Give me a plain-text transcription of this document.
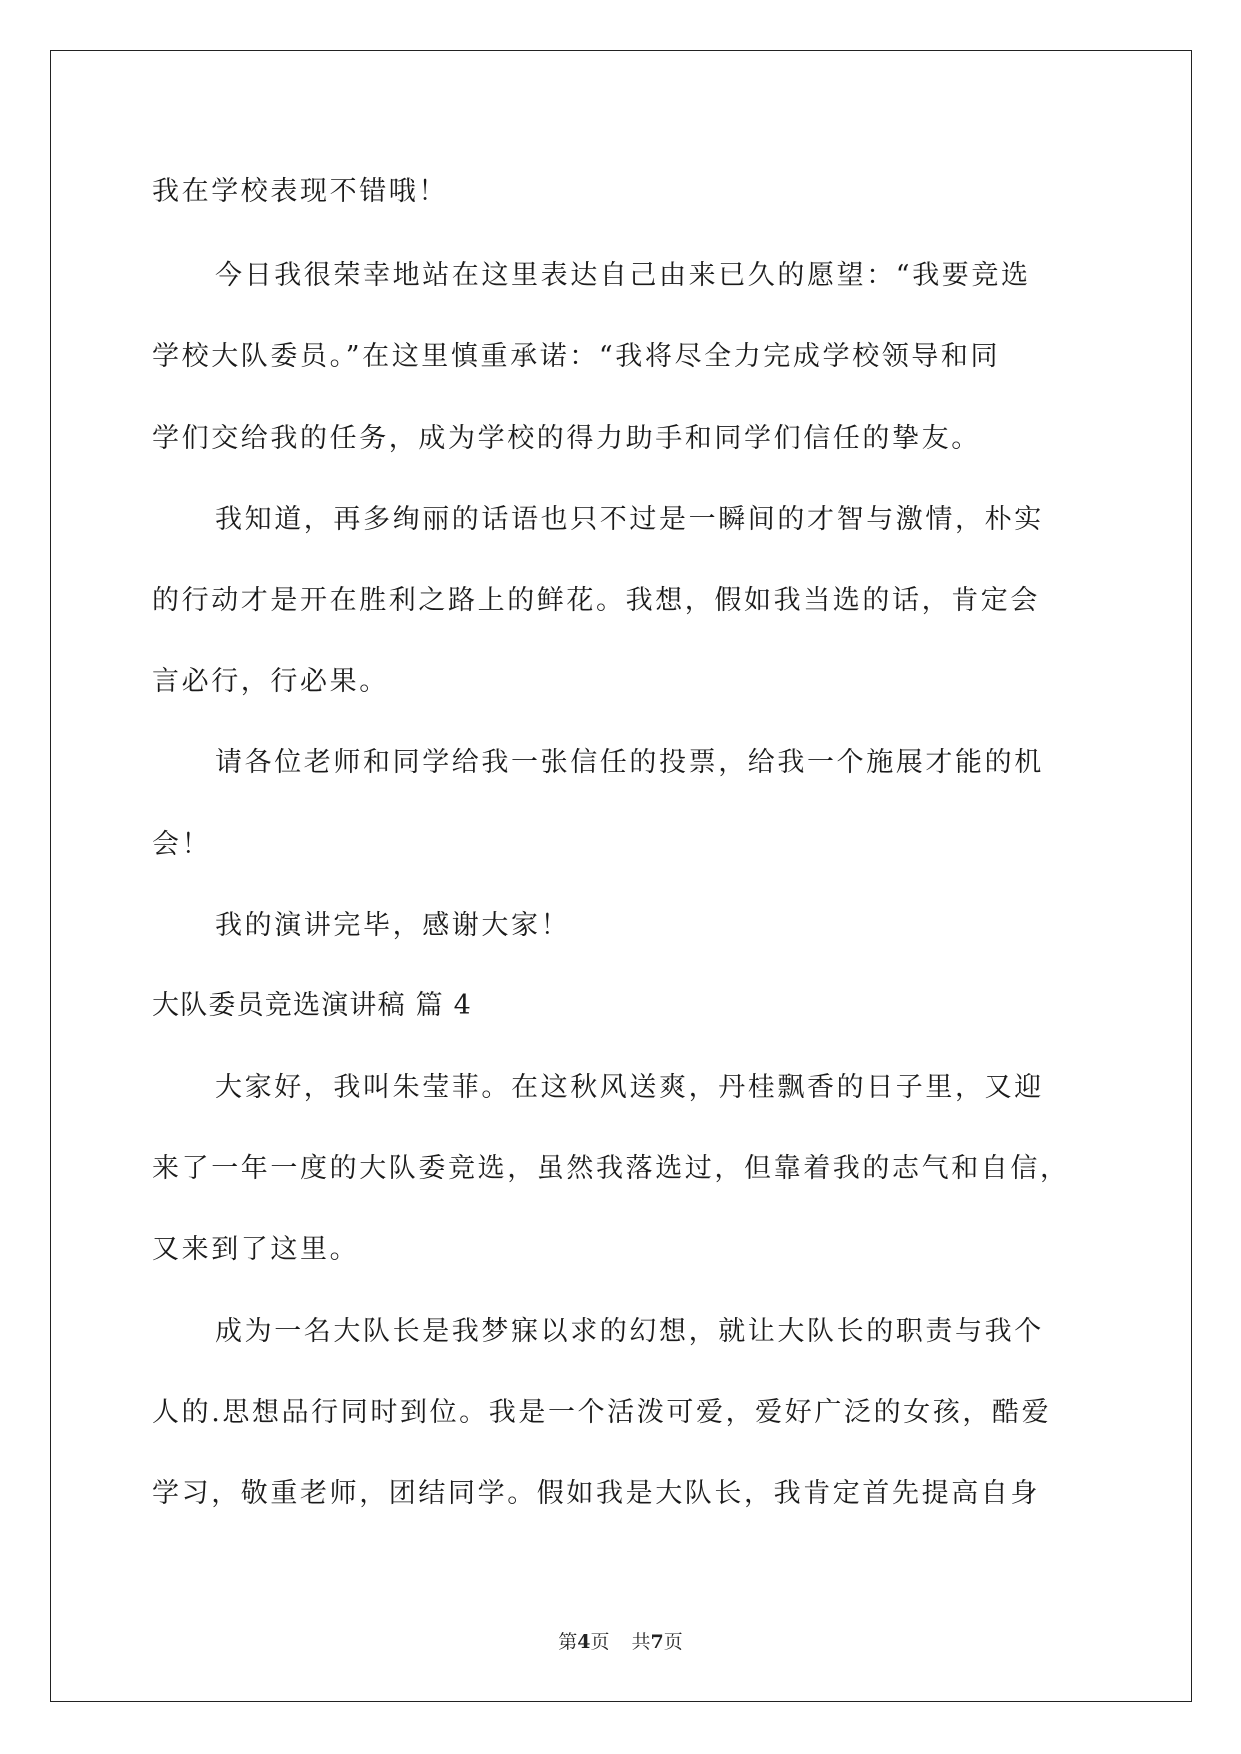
我在学校表现不错哦！
今日我很荣幸地站在这里表达自己由来已久的愿望：“我要竞选
学校大队委员。”在这里慎重承诺：“我将尽全力完成学校领导和同
学们交给我的任务，成为学校的得力助手和同学们信任的挚友。
我知道，再多绚丽的话语也只不过是一瞬间的才智与激情，朴实
的行动才是开在胜利之路上的鲜花。我想，假如我当选的话，肯定会
言必行，行必果。
请各位老师和同学给我一张信任的投票，给我一个施展才能的机
会！
我的演讲完毕，感谢大家！
大队委员竞选演讲稿 篇 4
大家好，我叫朱莹菲。在这秋风送爽，丹桂飘香的日子里，又迎
来了一年一度的大队委竞选，虽然我落选过，但靠着我的志气和自信，
又来到了这里。
成为一名大队长是我梦寐以求的幻想，就让大队长的职责与我个
人的.思想品行同时到位。我是一个活泼可爱，爱好广泛的女孩，酷爱
学习，敬重老师，团结同学。假如我是大队长，我肯定首先提高自身
第4页 共7页
